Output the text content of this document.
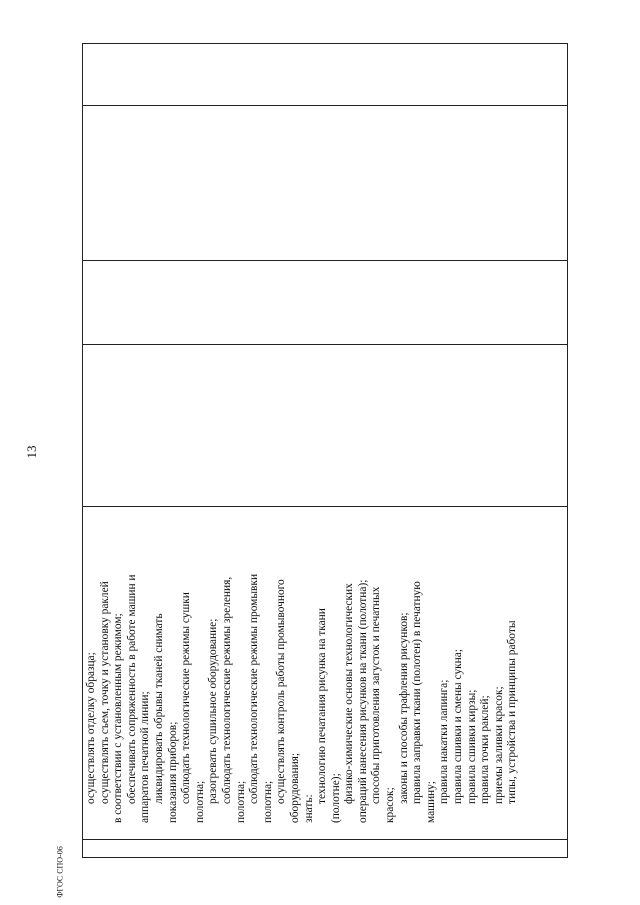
13
ФГОС СПО-06
осуществлять отделку образца; осуществлять съем, точку и установку раклей в соответствии с установленным режимом; обеспечивать сопряженность в работе машин и аппаратов печатной линии; ликвидировать обрывы тканей снимать показания приборов; соблюдать технологические режимы сушки полотна; разогревать сушильное оборудование; соблюдать технологические режимы зреления, полотна; соблюдать технологические режимы промывки полотна; осуществлять контроль работы промывочного оборудования; знать:
технологию печатания рисунка на ткани (полотне); физико-химические основы технологических операций нанесения рисунков на ткани (полотна); способы приготовления загусток и печатных
красок;
законы и способы трафления рисунков; правила заправки ткани (полотен) в печатную машину; правила накатки лапинга; правила сшивки и смены сукна; правила сшивки кирзы; правила точки раклей; приемы заливки красок; типы, устройства и принципы работы
